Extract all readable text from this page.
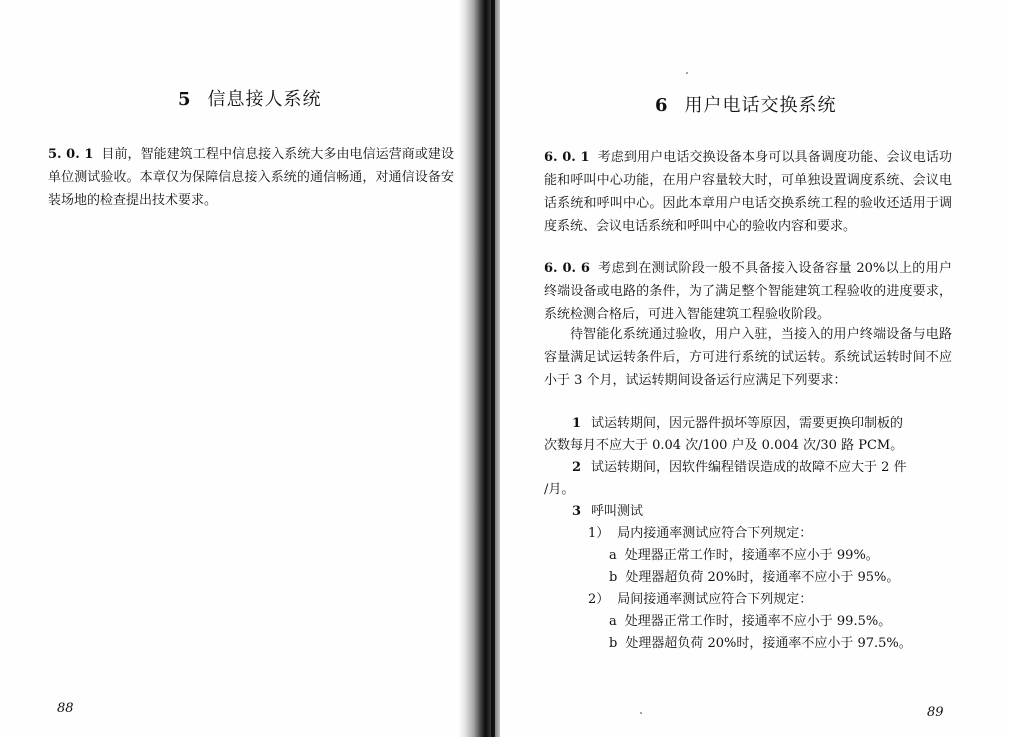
5 信息接人系统
5. 0. 1 目前，智能建筑工程中信息接入系统大多由电信运营商或建设单位测试验收。本章仅为保障信息接入系统的通信畅通，对通信设备安装场地的检查提出技术要求。
88
6 用户电话交换系统
6. 0. 1 考虑到用户电话交换设备本身可以具备调度功能、会议电话功能和呼叫中心功能，在用户容量较大时，可单独设置调度系统、会议电话系统和呼叫中心。因此本章用户电话交换系统工程的验收还适用于调度系统、会议电话系统和呼叫中心的验收内容和要求。
6. 0. 6 考虑到在测试阶段一般不具备接入设备容量 20%以上的用户终端设备或电路的条件，为了满足整个智能建筑工程验收的进度要求，系统检测合格后，可进入智能建筑工程验收阶段。
待智能化系统通过验收，用户入驻，当接入的用户终端设备与电路容量满足试运转条件后，方可进行系统的试运转。系统试运转时间不应小于 3 个月，试运转期间设备运行应满足下列要求：
1 试运转期间，因元器件损坏等原因，需要更换印制板的
次数每月不应大于 0.04 次/100 户及 0.004 次/30 路 PCM。
2 试运转期间，因软件编程错误造成的故障不应大于 2 件
/月。
3 呼叫测试
1） 局内接通率测试应符合下列规定：
a 处理器正常工作时，接通率不应小于 99%。
b 处理器超负荷 20%时，接通率不应小于 95%。
2） 局间接通率测试应符合下列规定：
a 处理器正常工作时，接通率不应小于 99.5%。
b 处理器超负荷 20%时，接通率不应小于 97.5%。
89
